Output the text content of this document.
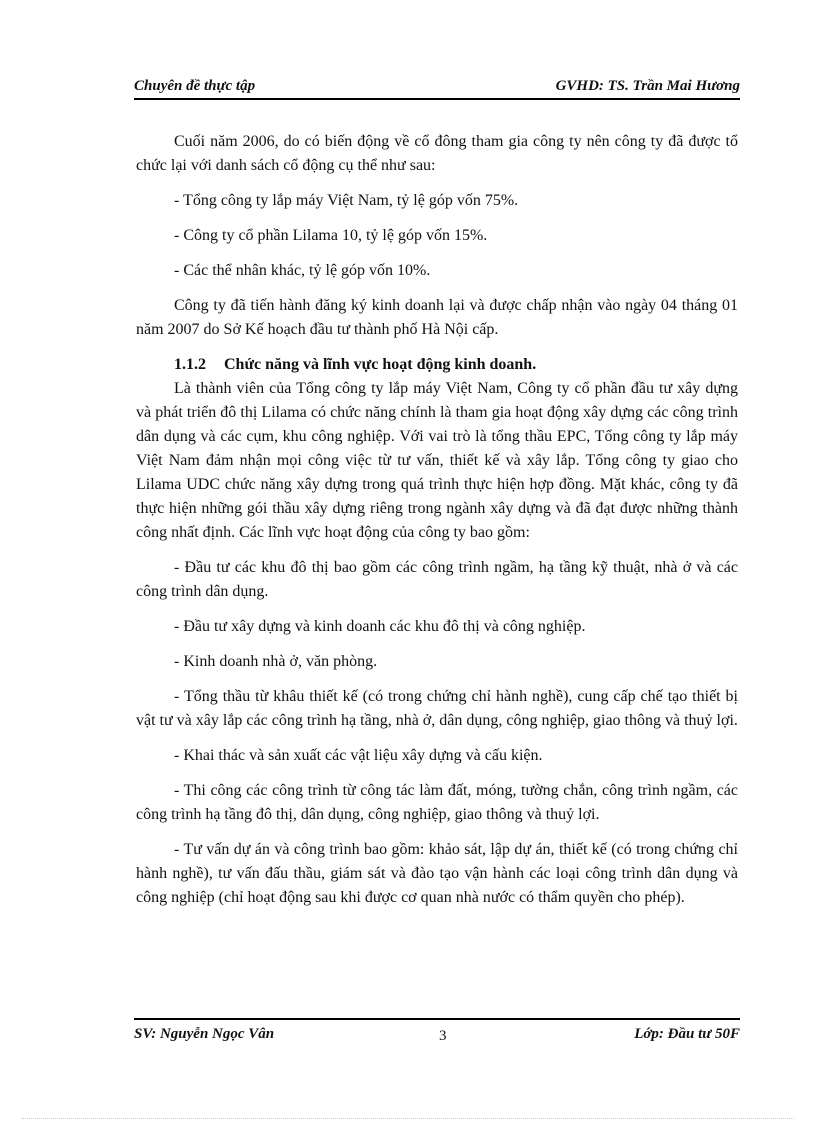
Chuyên đề thực tập	GVHD: TS. Trần Mai Hương

Cuối năm 2006, do có biến động về cổ đông tham gia công ty nên công ty đã được tổ chức lại với danh sách cổ động cụ thể như sau:

- Tổng công ty lắp máy Việt Nam, tỷ lệ góp vốn 75%.

- Công ty cổ phần Lilama 10, tỷ lệ góp vốn 15%.

- Các thể nhân khác, tỷ lệ góp vốn 10%.

Công ty đã tiến hành đăng ký kinh doanh lại và được chấp nhận vào ngày 04 tháng 01 năm 2007 do Sở Kế hoạch đầu tư thành phố Hà Nội cấp.

1.1.2 Chức năng và lĩnh vực hoạt động kinh doanh.

Là thành viên của Tổng công ty lắp máy Việt Nam, Công ty cổ phần đầu tư xây dựng và phát triển đô thị Lilama có chức năng chính là tham gia hoạt động xây dựng các công trình dân dụng và các cụm, khu công nghiệp. Với vai trò là tổng thầu EPC, Tổng công ty lắp máy Việt Nam đảm nhận mọi công việc từ tư vấn, thiết kế và xây lắp. Tổng công ty giao cho Lilama UDC chức năng xây dựng trong quá trình thực hiện hợp đồng. Mặt khác, công ty đã thực hiện những gói thầu xây dựng riêng trong ngành xây dựng và đã đạt được những thành công nhất định. Các lĩnh vực hoạt động của công ty bao gồm:

- Đầu tư các khu đô thị bao gồm các công trình ngầm, hạ tầng kỹ thuật, nhà ở và các công trình dân dụng.

- Đầu tư xây dựng và kinh doanh các khu đô thị và công nghiệp.

- Kinh doanh nhà ở, văn phòng.

- Tổng thầu từ khâu thiết kế (có trong chứng chỉ hành nghề), cung cấp chế tạo thiết bị vật tư và xây lắp các công trình hạ tầng, nhà ở, dân dụng, công nghiệp, giao thông và thuỷ lợi.

- Khai thác và sản xuất các vật liệu xây dựng và cấu kiện.

- Thi công các công trình từ công tác làm đất, móng, tường chắn, công trình ngầm, các công trình hạ tầng đô thị, dân dụng, công nghiệp, giao thông và thuỷ lợi.

- Tư vấn dự án và công trình bao gồm: khảo sát, lập dự án, thiết kế (có trong chứng chỉ hành nghề), tư vấn đấu thầu, giám sát và đào tạo vận hành các loại công trình dân dụng và công nghiệp (chỉ hoạt động sau khi được cơ quan nhà nước có thẩm quyền cho phép).

SV: Nguyễn Ngọc Vân	3	Lớp: Đầu tư 50F
